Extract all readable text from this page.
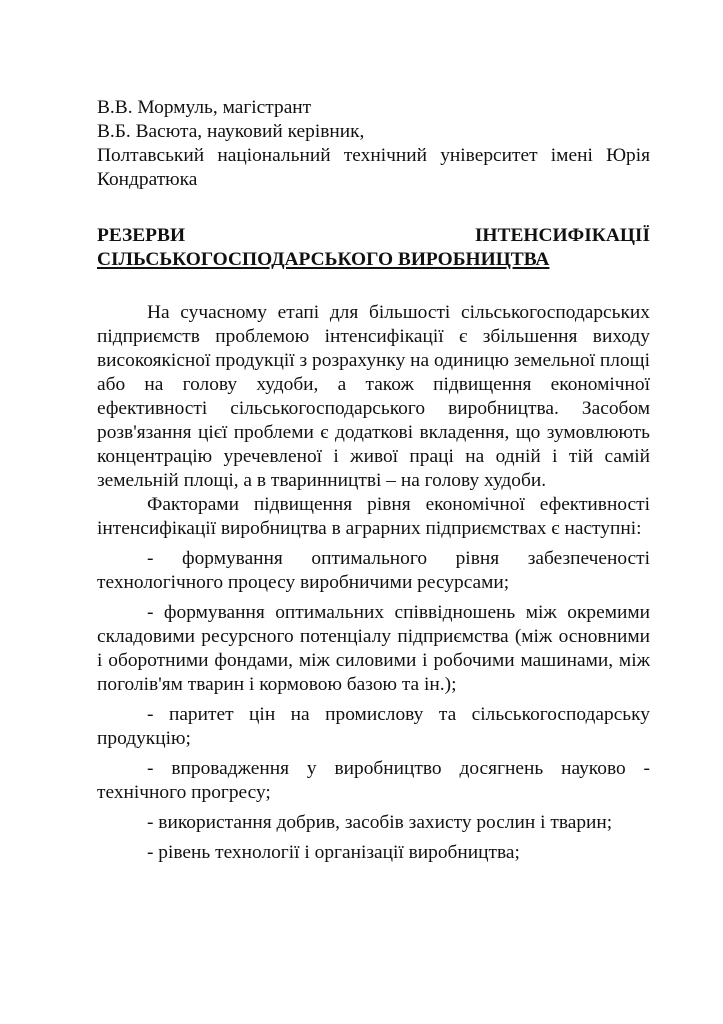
В.В. Мормуль, магістрант

В.Б. Васюта, науковий керівник,

Полтавський національний технічний університет імені Юрія Кондратюка

РЕЗЕРВИ	ІНТЕНСИФІКАЦІЇ
СІЛЬСЬКОГОСПОДАРСЬКОГО ВИРОБНИЦТВА

На сучасному етапі для більшості сільськогосподарських підприємств проблемою інтенсифікації є збільшення виходу високоякісної продукції з розрахунку на одиницю земельної площі або на голову худоби, а також підвищення економічної ефективності сільськогосподарського виробництва. Засобом розв'язання цієї проблеми є додаткові вкладення, що зумовлюють концентрацію уречевленої і живої праці на одній і тій самій земельній площі, а в тваринництві – на голову худоби.

Факторами підвищення рівня економічної ефективності інтенсифікації виробництва в аграрних підприємствах є наступні:

- формування оптимального рівня забезпеченості технологічного процесу виробничими ресурсами;

- формування оптимальних співвідношень між окремими складовими ресурсного потенціалу підприємства (між основними і оборотними фондами, між силовими і робочими машинами, між поголів'ям тварин і кормовою базою та ін.);

- паритет цін на промислову та сільськогосподарську продукцію;

- впровадження у виробництво досягнень науково - технічного прогресу;

- використання добрив, засобів захисту рослин і тварин;

- рівень технології і організації виробництва;
